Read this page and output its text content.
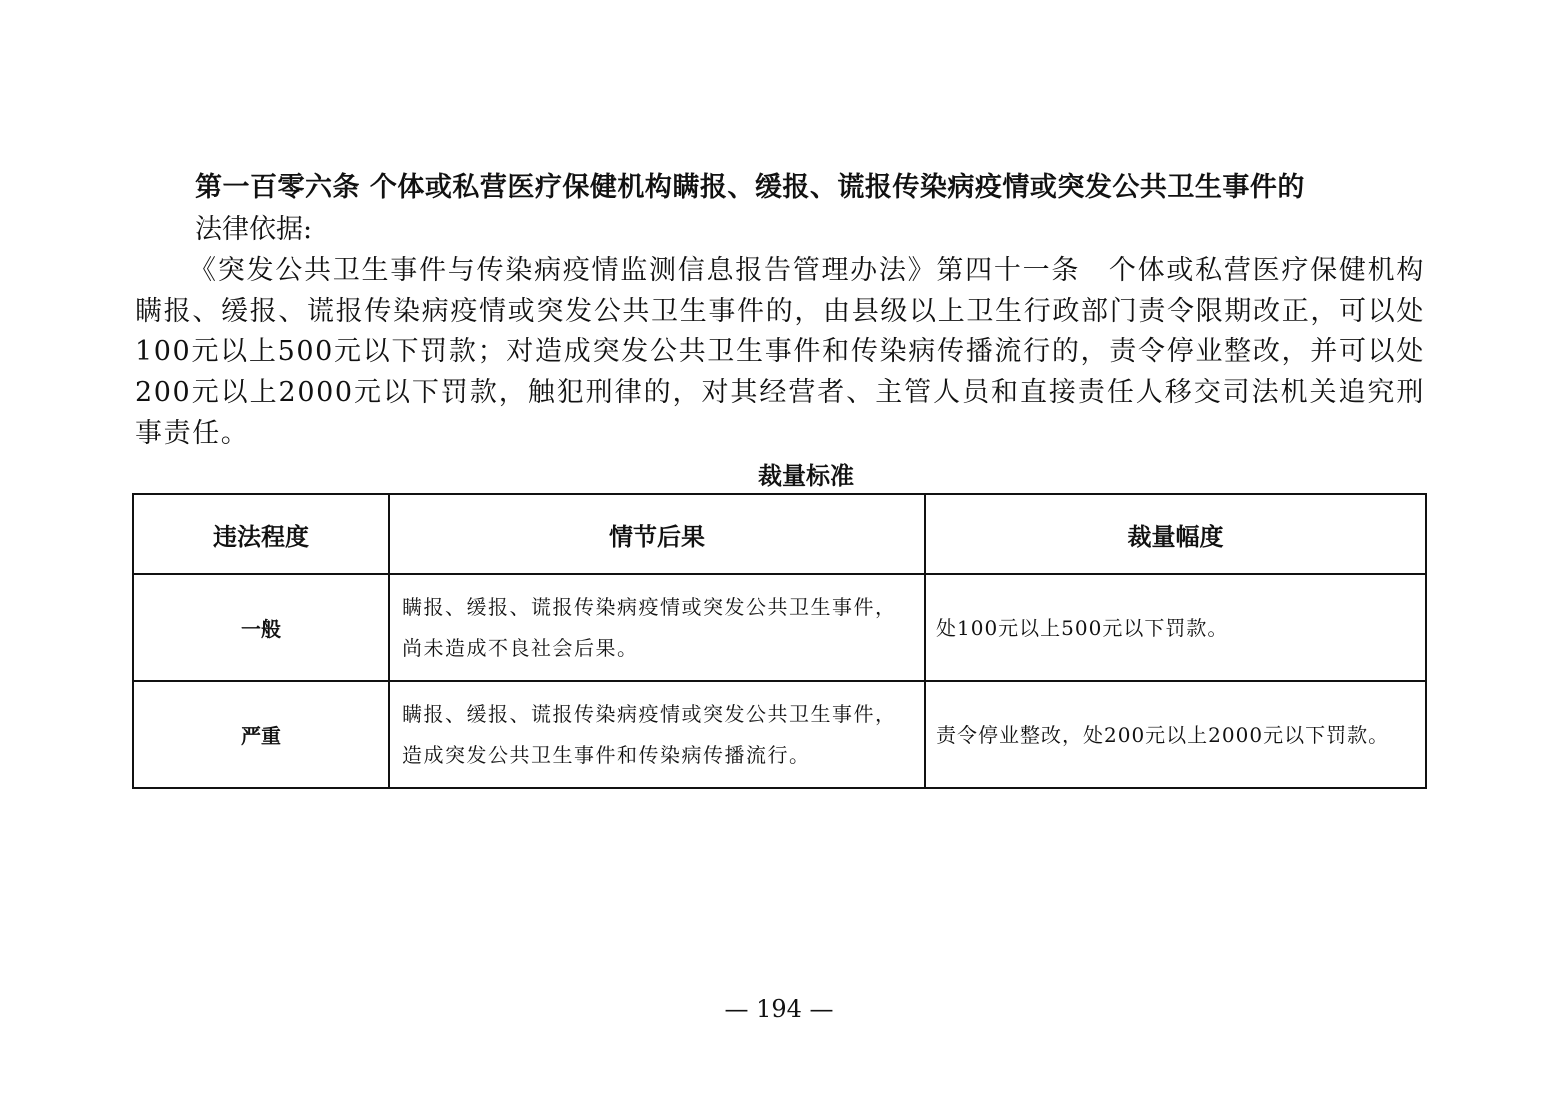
第一百零六条 个体或私营医疗保健机构瞒报、缓报、谎报传染病疫情或突发公共卫生事件的
法律依据:

《突发公共卫生事件与传染病疫情监测信息报告管理办法》第四十一条　个体或私营医疗保健机构瞒报、缓报、谎报传染病疫情或突发公共卫生事件的，由县级以上卫生行政部门责令限期改正，可以处100元以上500元以下罚款；对造成突发公共卫生事件和传染病传播流行的，责令停业整改，并可以处200元以上2000元以下罚款，触犯刑律的，对其经营者、主管人员和直接责任人移交司法机关追究刑事责任。

裁量标准
违法程度	情节后果	裁量幅度
一般	瞒报、缓报、谎报传染病疫情或突发公共卫生事件，尚未造成不良社会后果。	处100元以上500元以下罚款。
严重	瞒报、缓报、谎报传染病疫情或突发公共卫生事件，造成突发公共卫生事件和传染病传播流行。	责令停业整改，处200元以上2000元以下罚款。
— 194 —
